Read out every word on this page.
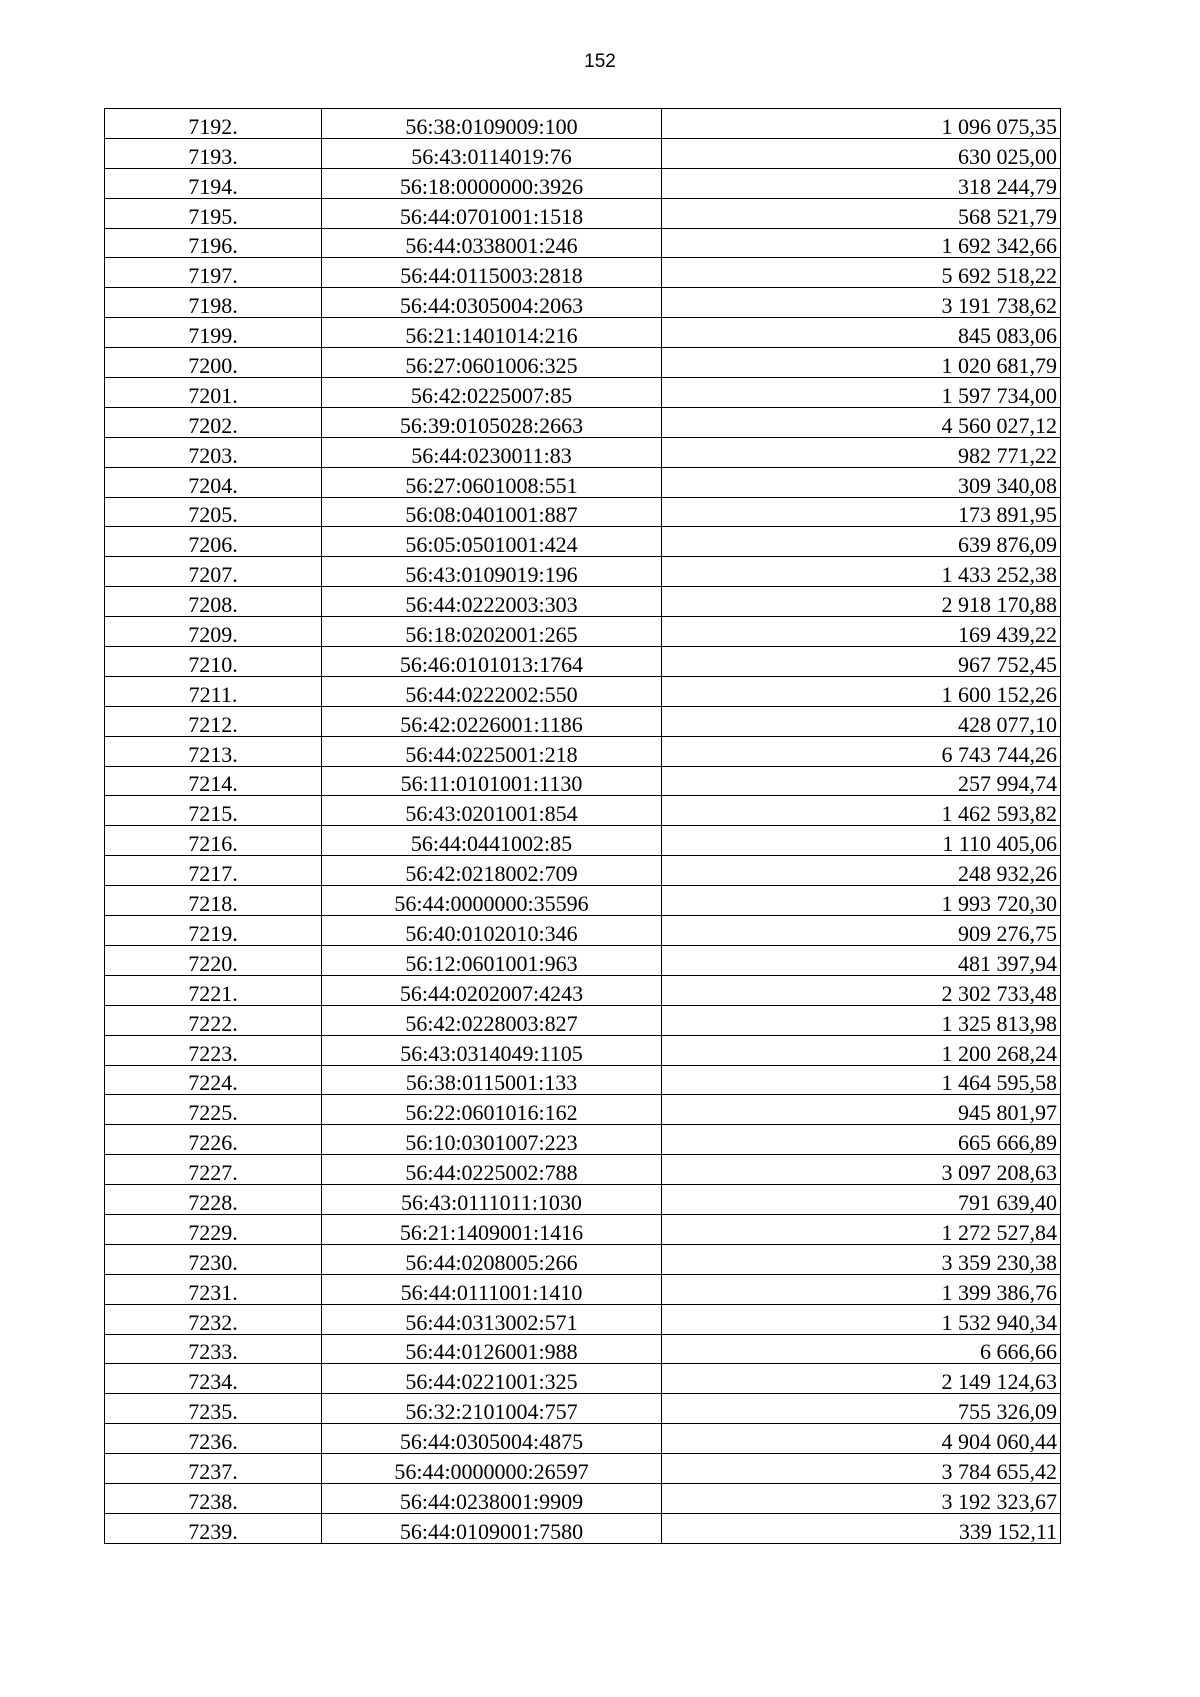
152
7192.	56:38:0109009:100	1 096 075,35
7193.	56:43:0114019:76	630 025,00
7194.	56:18:0000000:3926	318 244,79
7195.	56:44:0701001:1518	568 521,79
7196.	56:44:0338001:246	1 692 342,66
7197.	56:44:0115003:2818	5 692 518,22
7198.	56:44:0305004:2063	3 191 738,62
7199.	56:21:1401014:216	845 083,06
7200.	56:27:0601006:325	1 020 681,79
7201.	56:42:0225007:85	1 597 734,00
7202.	56:39:0105028:2663	4 560 027,12
7203.	56:44:0230011:83	982 771,22
7204.	56:27:0601008:551	309 340,08
7205.	56:08:0401001:887	173 891,95
7206.	56:05:0501001:424	639 876,09
7207.	56:43:0109019:196	1 433 252,38
7208.	56:44:0222003:303	2 918 170,88
7209.	56:18:0202001:265	169 439,22
7210.	56:46:0101013:1764	967 752,45
7211.	56:44:0222002:550	1 600 152,26
7212.	56:42:0226001:1186	428 077,10
7213.	56:44:0225001:218	6 743 744,26
7214.	56:11:0101001:1130	257 994,74
7215.	56:43:0201001:854	1 462 593,82
7216.	56:44:0441002:85	1 110 405,06
7217.	56:42:0218002:709	248 932,26
7218.	56:44:0000000:35596	1 993 720,30
7219.	56:40:0102010:346	909 276,75
7220.	56:12:0601001:963	481 397,94
7221.	56:44:0202007:4243	2 302 733,48
7222.	56:42:0228003:827	1 325 813,98
7223.	56:43:0314049:1105	1 200 268,24
7224.	56:38:0115001:133	1 464 595,58
7225.	56:22:0601016:162	945 801,97
7226.	56:10:0301007:223	665 666,89
7227.	56:44:0225002:788	3 097 208,63
7228.	56:43:0111011:1030	791 639,40
7229.	56:21:1409001:1416	1 272 527,84
7230.	56:44:0208005:266	3 359 230,38
7231.	56:44:0111001:1410	1 399 386,76
7232.	56:44:0313002:571	1 532 940,34
7233.	56:44:0126001:988	6 666,66
7234.	56:44:0221001:325	2 149 124,63
7235.	56:32:2101004:757	755 326,09
7236.	56:44:0305004:4875	4 904 060,44
7237.	56:44:0000000:26597	3 784 655,42
7238.	56:44:0238001:9909	3 192 323,67
7239.	56:44:0109001:7580	339 152,11
